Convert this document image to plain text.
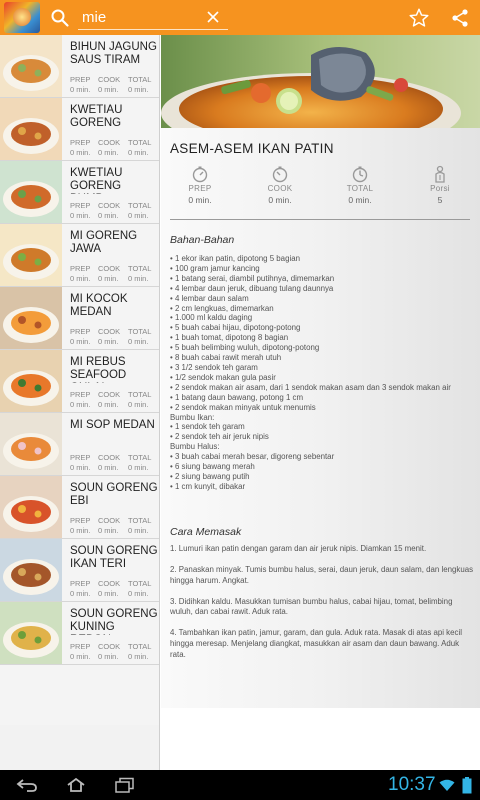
mie
BIHUN JAGUNG SAUS TIRAM
PREP	COOK	TOTAL
0 min.	0 min.	0 min.
KWETIAU GORENG
PREP	COOK	TOTAL
0 min.	0 min.	0 min.
KWETIAU GORENG
PREP	COOK	TOTAL
0 min.	0 min.	0 min.
MI GORENG JAWA
PREP	COOK	TOTAL
0 min.	0 min.	0 min.
MI KOCOK MEDAN
PREP	COOK	TOTAL
0 min.	0 min.	0 min.
MI REBUS SEAFOOD
PREP	COOK	TOTAL
0 min.	0 min.	0 min.
MI SOP MEDAN
PREP	COOK	TOTAL
0 min.	0 min.	0 min.
SOUN GORENG EBI
PREP	COOK	TOTAL
0 min.	0 min.	0 min.
SOUN GORENG IKAN TERI
PREP	COOK	TOTAL
0 min.	0 min.	0 min.
SOUN GORENG KUNING
PREP	COOK	TOTAL
0 min.	0 min.	0 min.
ASEM-ASEM IKAN PATIN
PREP
0 min.
COOK
0 min.
TOTAL
0 min.
Porsi
5
Bahan-Bahan
• 1 ekor ikan patin, dipotong 5 bagian
• 100 gram jamur kancing
• 1 batang serai, diambil putihnya, dimemarkan
• 4 lembar daun jeruk, dibuang tulang daunnya
• 4 lembar daun salam
• 2 cm lengkuas, dimemarkan
• 1.000 ml kaldu daging
• 5 buah cabai hijau, dipotong-potong
• 1 buah tomat, dipotong 8 bagian
• 5 buah belimbing wuluh, dipotong-potong
• 8 buah cabai rawit merah utuh
• 3 1/2 sendok teh garam
• 1/2 sendok makan gula pasir
• 2 sendok makan air asam, dari 1 sendok makan asam dan 3 sendok makan air
• 1 batang daun bawang, potong 1 cm
• 2 sendok makan minyak untuk menumis
Bumbu Ikan:
• 1 sendok teh garam
• 2 sendok teh air jeruk nipis
Bumbu Halus:
• 3 buah cabai merah besar, digoreng sebentar
• 6 siung bawang merah
• 2 siung bawang putih
• 1 cm kunyit, dibakar
Cara Memasak

1. Lumuri ikan patin dengan garam dan air jeruk nipis. Diamkan 15 menit.

2. Panaskan minyak. Tumis bumbu halus, serai, daun jeruk, daun salam, dan lengkuas hingga harum. Angkat.

3. Didihkan kaldu. Masukkan tumisan bumbu halus, cabai hijau, tomat, belimbing wuluh, dan cabai rawit. Aduk rata.

4. Tambahkan ikan patin, jamur, garam, dan gula. Aduk rata. Masak di atas api kecil hingga meresap. Menjelang diangkat, masukkan air asam dan daun bawang. Aduk rata.

10:37
